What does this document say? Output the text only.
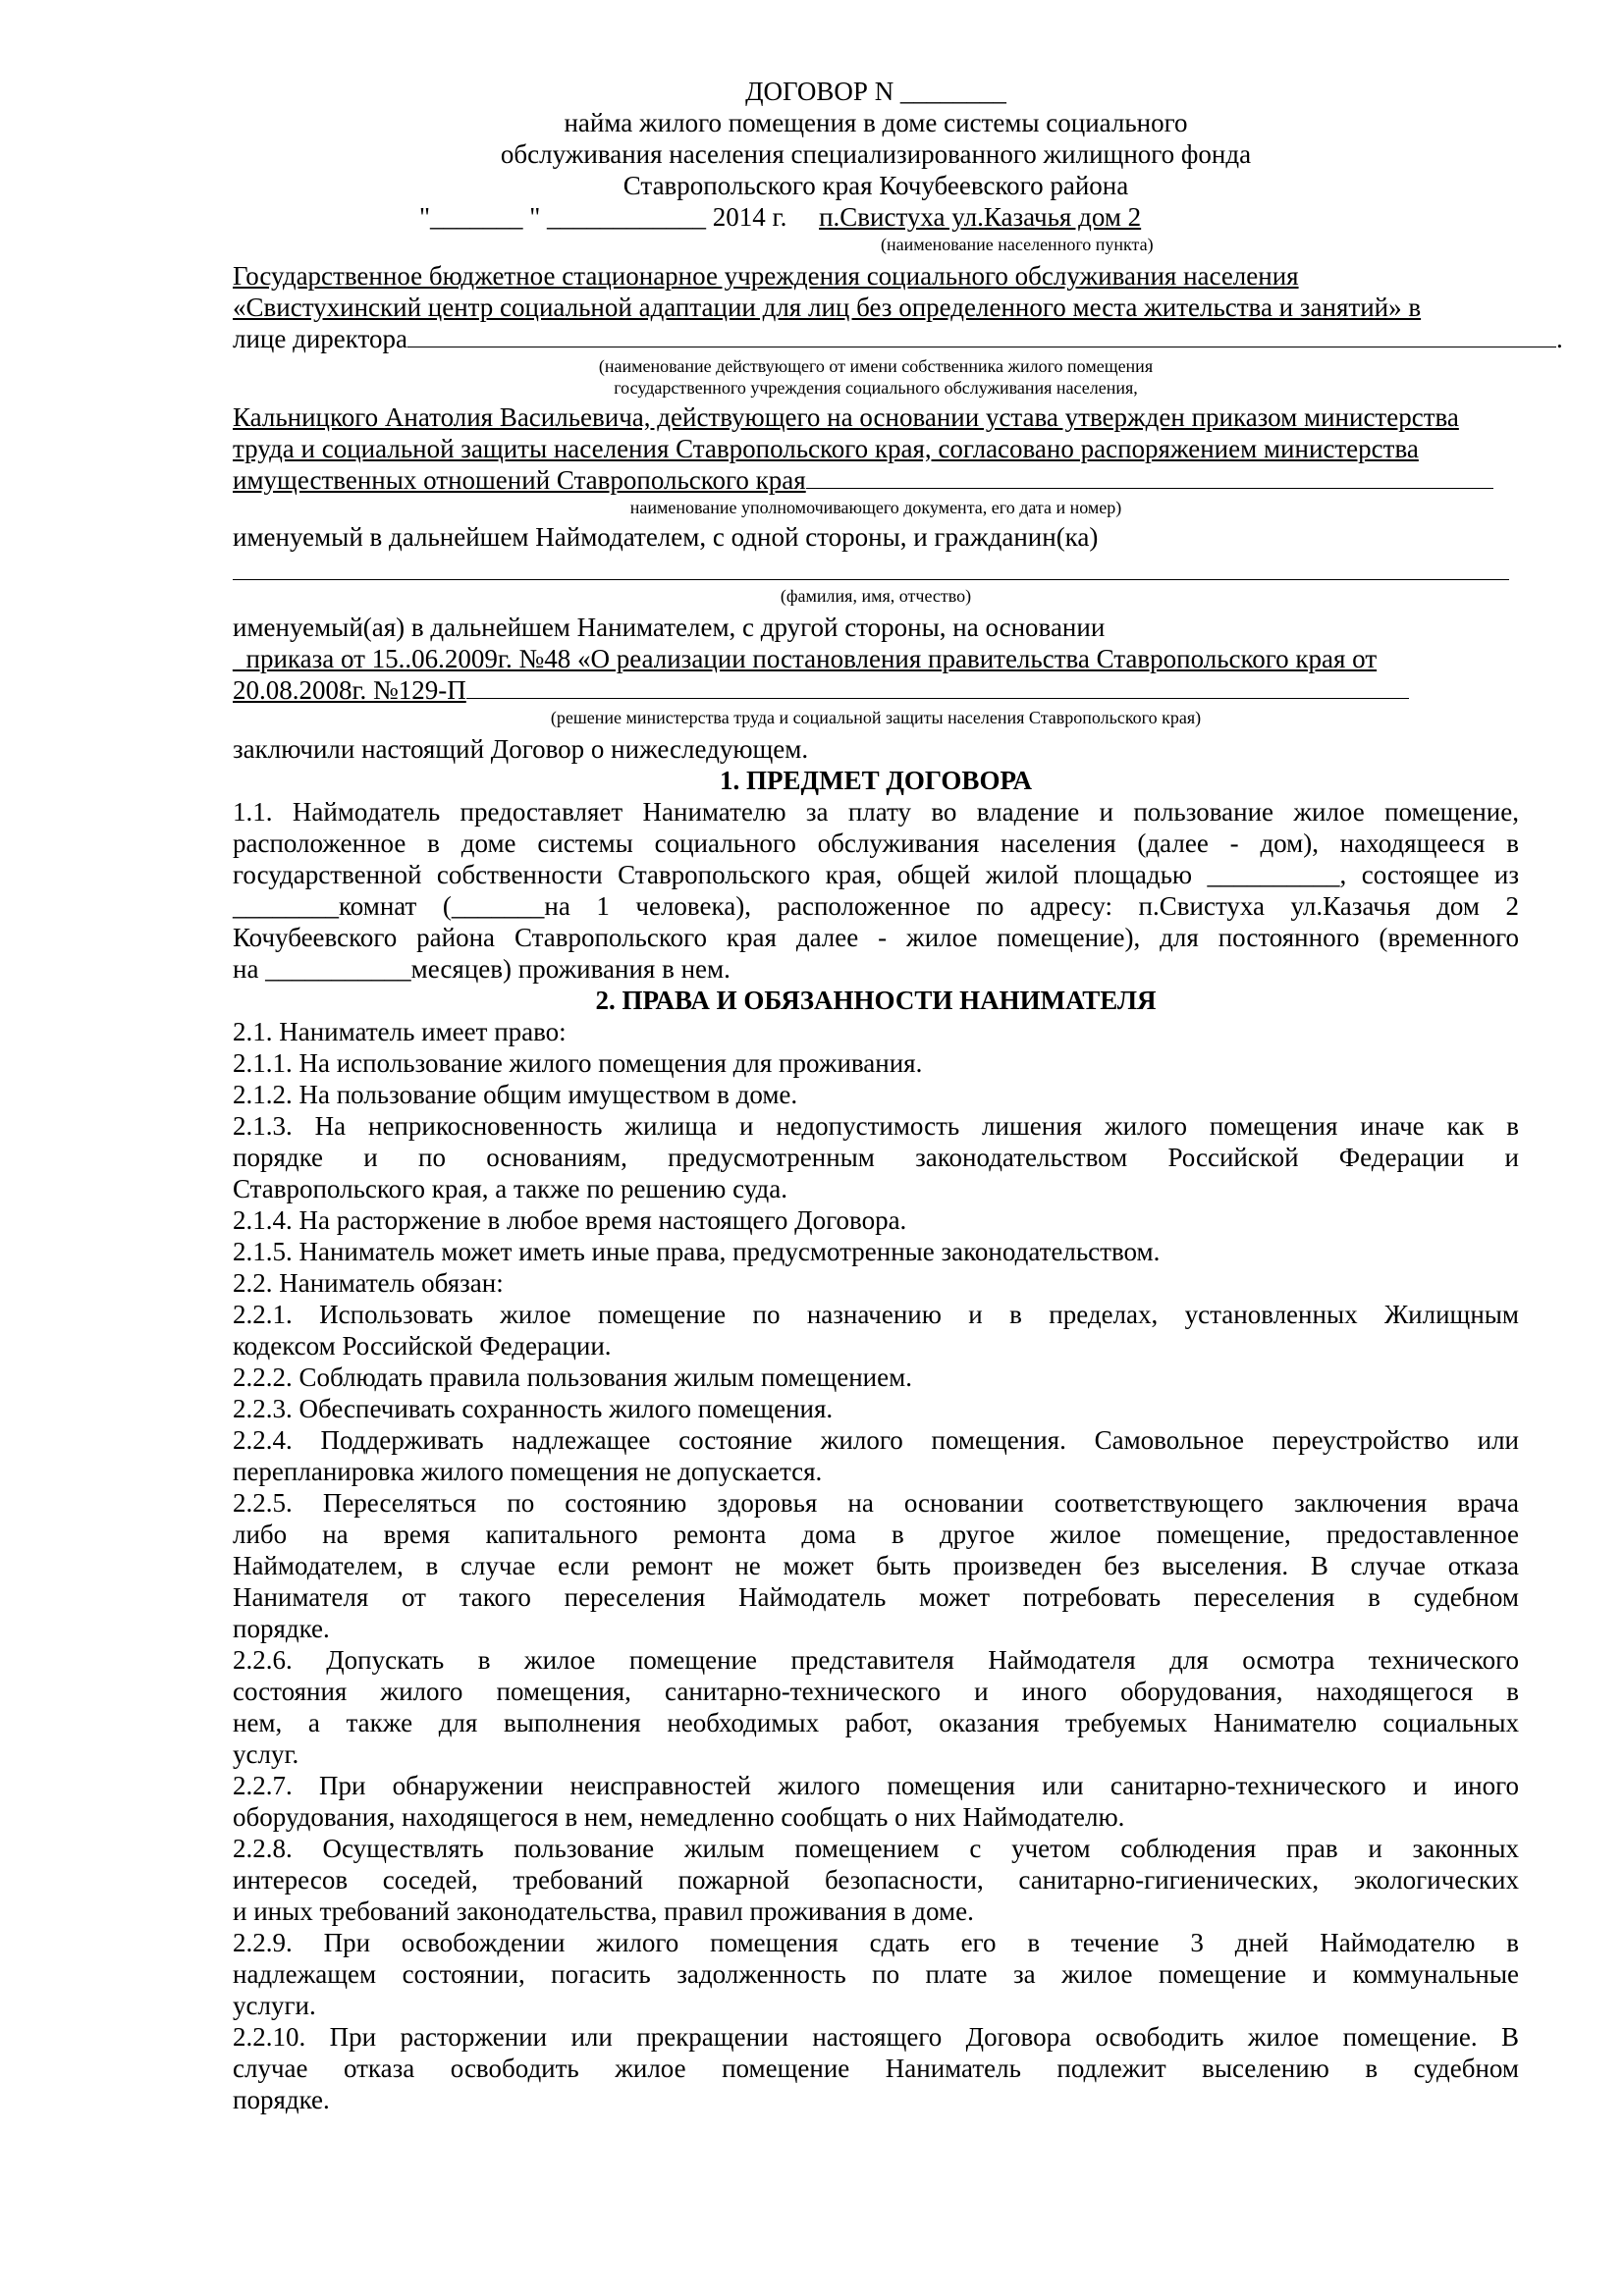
ДОГОВОР N ________
найма жилого помещения в доме системы социального
обслуживания населения специализированного жилищного фонда
Ставропольского края Кочубеевского района
"_______ " ____________ 2014 г. п.Свистуха ул.Казачья дом 2
(наименование населенного пункта)
Государственное бюджетное стационарное учреждения социального обслуживания населения
«Свистухинский центр социальной адаптации для лиц без определенного места жительства и занятий» в
лице директора	.
(наименование действующего от имени собственника жилого помещения
государственного учреждения социального обслуживания населения,
Кальницкого Анатолия Васильевича, действующего на основании устава утвержден приказом министерства
труда и социальной защиты населения Ставропольского края, согласовано распоряжением министерства
имущественных отношений Ставропольского края
наименование уполномочивающего документа, его дата и номер)
именуемый в дальнейшем Наймодателем, с одной стороны, и гражданин(ка)
(фамилия, имя, отчество)
именуемый(ая) в дальнейшем Нанимателем, с другой стороны, на основании
_приказа от 15..06.2009г. №48 «О реализации постановления правительства Ставропольского края от
20.08.2008г. №129-П
(решение министерства труда и социальной защиты населения Ставропольского края)
заключили настоящий Договор о нижеследующем.
1. ПРЕДМЕТ ДОГОВОРА
1.1. Наймодатель предоставляет Нанимателю за плату во владение и пользование жилое помещение,
расположенное в доме системы социального обслуживания населения (далее - дом), находящееся в
государственной собственности Ставропольского края, общей жилой площадью __________, состоящее из
________комнат (_______на 1 человека), расположенное по адресу: п.Свистуха ул.Казачья дом 2
Кочубеевского района Ставропольского края далее - жилое помещение), для постоянного (временного
на ___________месяцев) проживания в нем.
2. ПРАВА И ОБЯЗАННОСТИ НАНИМАТЕЛЯ
2.1. Наниматель имеет право:
2.1.1. На использование жилого помещения для проживания.
2.1.2. На пользование общим имуществом в доме.
2.1.3. На неприкосновенность жилища и недопустимость лишения жилого помещения иначе как в
порядке и по основаниям, предусмотренным законодательством Российской Федерации и
Ставропольского края, а также по решению суда.
2.1.4. На расторжение в любое время настоящего Договора.
2.1.5. Наниматель может иметь иные права, предусмотренные законодательством.
2.2. Наниматель обязан:
2.2.1. Использовать жилое помещение по назначению и в пределах, установленных Жилищным
кодексом Российской Федерации.
2.2.2. Соблюдать правила пользования жилым помещением.
2.2.3. Обеспечивать сохранность жилого помещения.
2.2.4. Поддерживать надлежащее состояние жилого помещения. Самовольное переустройство или
перепланировка жилого помещения не допускается.
2.2.5. Переселяться по состоянию здоровья на основании соответствующего заключения врача
либо на время капитального ремонта дома в другое жилое помещение, предоставленное
Наймодателем, в случае если ремонт не может быть произведен без выселения. В случае отказа
Нанимателя от такого переселения Наймодатель может потребовать переселения в судебном
порядке.
2.2.6. Допускать в жилое помещение представителя Наймодателя для осмотра технического
состояния жилого помещения, санитарно-технического и иного оборудования, находящегося в
нем, а также для выполнения необходимых работ, оказания требуемых Нанимателю социальных
услуг.
2.2.7. При обнаружении неисправностей жилого помещения или санитарно-технического и иного
оборудования, находящегося в нем, немедленно сообщать о них Наймодателю.
2.2.8. Осуществлять пользование жилым помещением с учетом соблюдения прав и законных
интересов соседей, требований пожарной безопасности, санитарно-гигиенических, экологических
и иных требований законодательства, правил проживания в доме.
2.2.9. При освобождении жилого помещения сдать его в течение 3 дней Наймодателю в
надлежащем состоянии, погасить задолженность по плате за жилое помещение и коммунальные
услуги.
2.2.10. При расторжении или прекращении настоящего Договора освободить жилое помещение. В
случае отказа освободить жилое помещение Наниматель подлежит выселению в судебном
порядке.
